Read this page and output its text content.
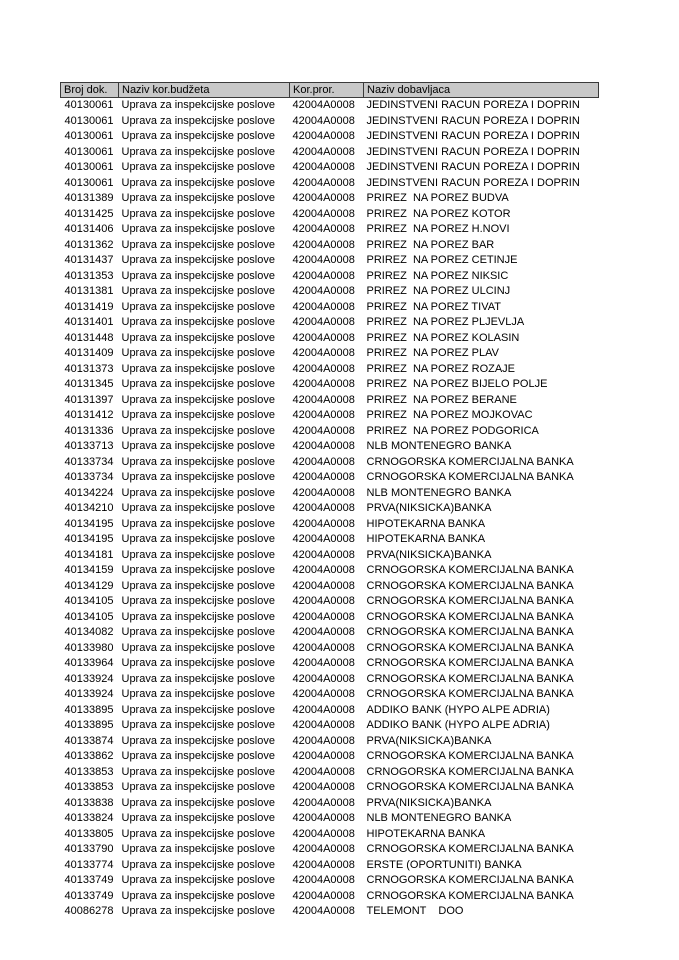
Broj dok.	Naziv kor.budžeta	Kor.pror.	Naziv dobavljaca
40130061	Uprava za inspekcijske poslove	42004A0008	JEDINSTVENI RACUN POREZA I DOPRIN
40130061	Uprava za inspekcijske poslove	42004A0008	JEDINSTVENI RACUN POREZA I DOPRIN
40130061	Uprava za inspekcijske poslove	42004A0008	JEDINSTVENI RACUN POREZA I DOPRIN
40130061	Uprava za inspekcijske poslove	42004A0008	JEDINSTVENI RACUN POREZA I DOPRIN
40130061	Uprava za inspekcijske poslove	42004A0008	JEDINSTVENI RACUN POREZA I DOPRIN
40130061	Uprava za inspekcijske poslove	42004A0008	JEDINSTVENI RACUN POREZA I DOPRIN
40131389	Uprava za inspekcijske poslove	42004A0008	PRIREZ  NA POREZ BUDVA
40131425	Uprava za inspekcijske poslove	42004A0008	PRIREZ  NA POREZ KOTOR
40131406	Uprava za inspekcijske poslove	42004A0008	PRIREZ  NA POREZ H.NOVI
40131362	Uprava za inspekcijske poslove	42004A0008	PRIREZ  NA POREZ BAR
40131437	Uprava za inspekcijske poslove	42004A0008	PRIREZ  NA POREZ CETINJE
40131353	Uprava za inspekcijske poslove	42004A0008	PRIREZ  NA POREZ NIKSIC
40131381	Uprava za inspekcijske poslove	42004A0008	PRIREZ  NA POREZ ULCINJ
40131419	Uprava za inspekcijske poslove	42004A0008	PRIREZ  NA POREZ TIVAT
40131401	Uprava za inspekcijske poslove	42004A0008	PRIREZ  NA POREZ PLJEVLJA
40131448	Uprava za inspekcijske poslove	42004A0008	PRIREZ  NA POREZ KOLASIN
40131409	Uprava za inspekcijske poslove	42004A0008	PRIREZ  NA POREZ PLAV
40131373	Uprava za inspekcijske poslove	42004A0008	PRIREZ  NA POREZ ROZAJE
40131345	Uprava za inspekcijske poslove	42004A0008	PRIREZ  NA POREZ BIJELO POLJE
40131397	Uprava za inspekcijske poslove	42004A0008	PRIREZ  NA POREZ BERANE
40131412	Uprava za inspekcijske poslove	42004A0008	PRIREZ  NA POREZ MOJKOVAC
40131336	Uprava za inspekcijske poslove	42004A0008	PRIREZ  NA POREZ PODGORICA
40133713	Uprava za inspekcijske poslove	42004A0008	NLB MONTENEGRO BANKA
40133734	Uprava za inspekcijske poslove	42004A0008	CRNOGORSKA KOMERCIJALNA BANKA
40133734	Uprava za inspekcijske poslove	42004A0008	CRNOGORSKA KOMERCIJALNA BANKA
40134224	Uprava za inspekcijske poslove	42004A0008	NLB MONTENEGRO BANKA
40134210	Uprava za inspekcijske poslove	42004A0008	PRVA(NIKSICKA)BANKA
40134195	Uprava za inspekcijske poslove	42004A0008	HIPOTEKARNA BANKA
40134195	Uprava za inspekcijske poslove	42004A0008	HIPOTEKARNA BANKA
40134181	Uprava za inspekcijske poslove	42004A0008	PRVA(NIKSICKA)BANKA
40134159	Uprava za inspekcijske poslove	42004A0008	CRNOGORSKA KOMERCIJALNA BANKA
40134129	Uprava za inspekcijske poslove	42004A0008	CRNOGORSKA KOMERCIJALNA BANKA
40134105	Uprava za inspekcijske poslove	42004A0008	CRNOGORSKA KOMERCIJALNA BANKA
40134105	Uprava za inspekcijske poslove	42004A0008	CRNOGORSKA KOMERCIJALNA BANKA
40134082	Uprava za inspekcijske poslove	42004A0008	CRNOGORSKA KOMERCIJALNA BANKA
40133980	Uprava za inspekcijske poslove	42004A0008	CRNOGORSKA KOMERCIJALNA BANKA
40133964	Uprava za inspekcijske poslove	42004A0008	CRNOGORSKA KOMERCIJALNA BANKA
40133924	Uprava za inspekcijske poslove	42004A0008	CRNOGORSKA KOMERCIJALNA BANKA
40133924	Uprava za inspekcijske poslove	42004A0008	CRNOGORSKA KOMERCIJALNA BANKA
40133895	Uprava za inspekcijske poslove	42004A0008	ADDIKO BANK (HYPO ALPE ADRIA)
40133895	Uprava za inspekcijske poslove	42004A0008	ADDIKO BANK (HYPO ALPE ADRIA)
40133874	Uprava za inspekcijske poslove	42004A0008	PRVA(NIKSICKA)BANKA
40133862	Uprava za inspekcijske poslove	42004A0008	CRNOGORSKA KOMERCIJALNA BANKA
40133853	Uprava za inspekcijske poslove	42004A0008	CRNOGORSKA KOMERCIJALNA BANKA
40133853	Uprava za inspekcijske poslove	42004A0008	CRNOGORSKA KOMERCIJALNA BANKA
40133838	Uprava za inspekcijske poslove	42004A0008	PRVA(NIKSICKA)BANKA
40133824	Uprava za inspekcijske poslove	42004A0008	NLB MONTENEGRO BANKA
40133805	Uprava za inspekcijske poslove	42004A0008	HIPOTEKARNA BANKA
40133790	Uprava za inspekcijske poslove	42004A0008	CRNOGORSKA KOMERCIJALNA BANKA
40133774	Uprava za inspekcijske poslove	42004A0008	ERSTE (OPORTUNITI) BANKA
40133749	Uprava za inspekcijske poslove	42004A0008	CRNOGORSKA KOMERCIJALNA BANKA
40133749	Uprava za inspekcijske poslove	42004A0008	CRNOGORSKA KOMERCIJALNA BANKA
40086278	Uprava za inspekcijske poslove	42004A0008	TELEMONT    DOO
